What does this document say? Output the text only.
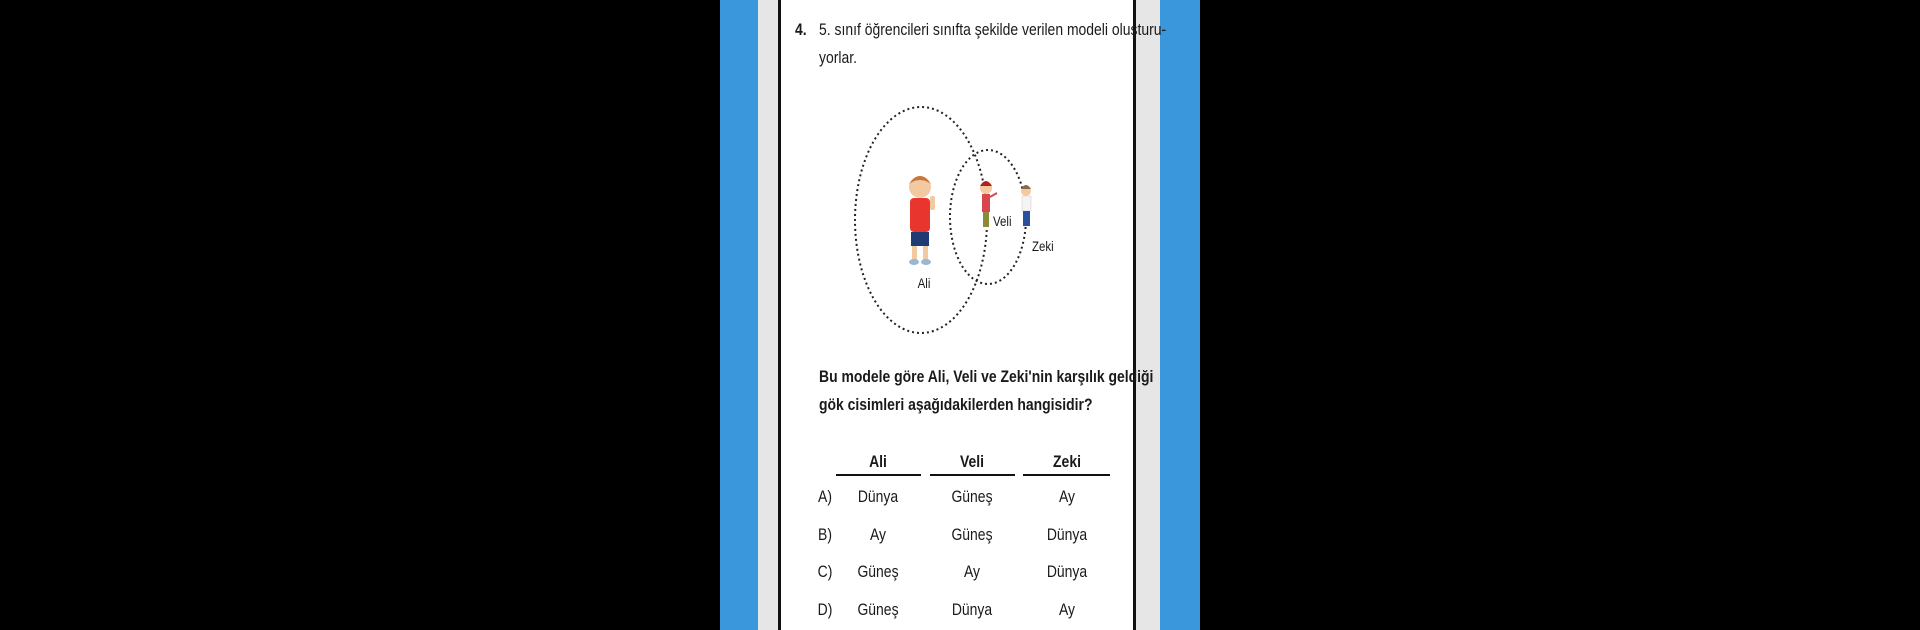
4. 5. sınıf öğrencileri sınıfta şekilde verilen modeli oluşturu-
yorlar.
Ali
Veli
Zeki
Bu modele göre Ali, Veli ve Zeki'nin karşılık geldiği
gök cisimleri aşağıdakilerden hangisidir?
Ali	Veli	Zeki
A) Dünya	Güneş	Ay
B) Ay	Güneş	Dünya
C) Güneş	Ay	Dünya
D) Güneş	Dünya	Ay
